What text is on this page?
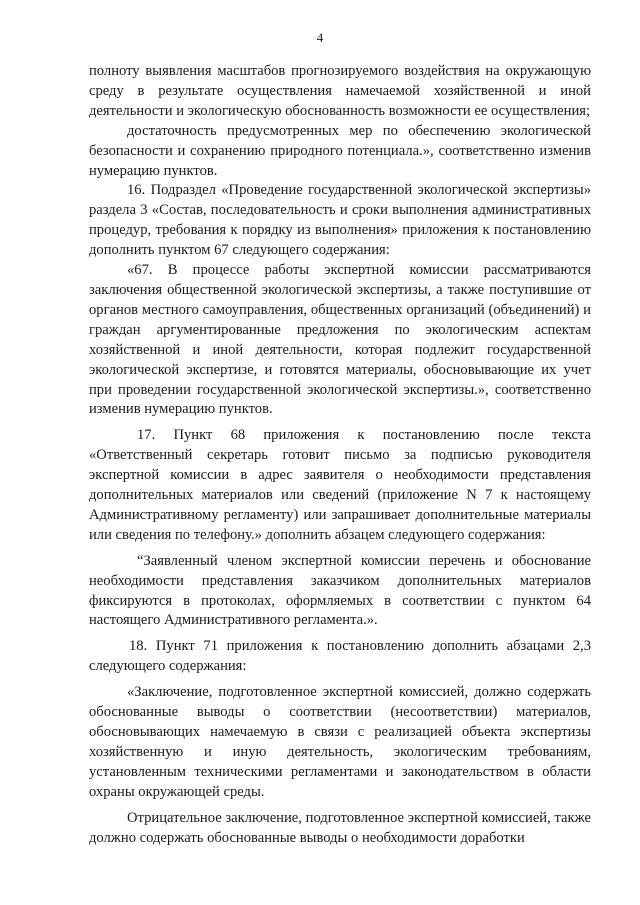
4

полноту выявления масштабов прогнозируемого воздействия на окружающую среду в результате осуществления намечаемой хозяйственной и иной деятельности и экологическую обоснованность возможности ее осуществления;

достаточность предусмотренных мер по обеспечению экологической безопасности и сохранению природного потенциала.», соответственно изменив нумерацию пунктов.

16. Подраздел «Проведение государственной экологической экспертизы» раздела 3 «Состав, последовательность и сроки выполнения административных процедур, требования к порядку из выполнения» приложения к постановлению дополнить пунктом 67 следующего содержания:

«67. В процессе работы экспертной комиссии рассматриваются заключения общественной экологической экспертизы, а также поступившие от органов местного самоуправления, общественных организаций (объединений) и граждан аргументированные предложения по экологическим аспектам хозяйственной и иной деятельности, которая подлежит государственной экологической экспертизе, и готовятся материалы, обосновывающие их учет при проведении государственной экологической экспертизы.», соответственно изменив нумерацию пунктов.

17. Пункт 68 приложения к постановлению после текста «Ответственный секретарь готовит письмо за подписью руководителя экспертной комиссии в адрес заявителя о необходимости представления дополнительных материалов или сведений (приложение N 7 к настоящему Административному регламенту) или запрашивает дополнительные материалы или сведения по телефону.» дополнить абзацем следующего содержания:

“Заявленный членом экспертной комиссии перечень и обоснование необходимости представления заказчиком дополнительных материалов фиксируются в протоколах, оформляемых в соответствии с пунктом 64 настоящего Административного регламента.».

18. Пункт 71 приложения к постановлению дополнить абзацами 2,3 следующего содержания:

«Заключение, подготовленное экспертной комиссией, должно содержать обоснованные выводы о соответствии (несоответствии) материалов, обосновывающих намечаемую в связи с реализацией объекта экспертизы хозяйственную и иную деятельность, экологическим требованиям, установленным техническими регламентами и законодательством в области охраны окружающей среды.

Отрицательное заключение, подготовленное экспертной комиссией, также должно содержать обоснованные выводы о необходимости доработки
